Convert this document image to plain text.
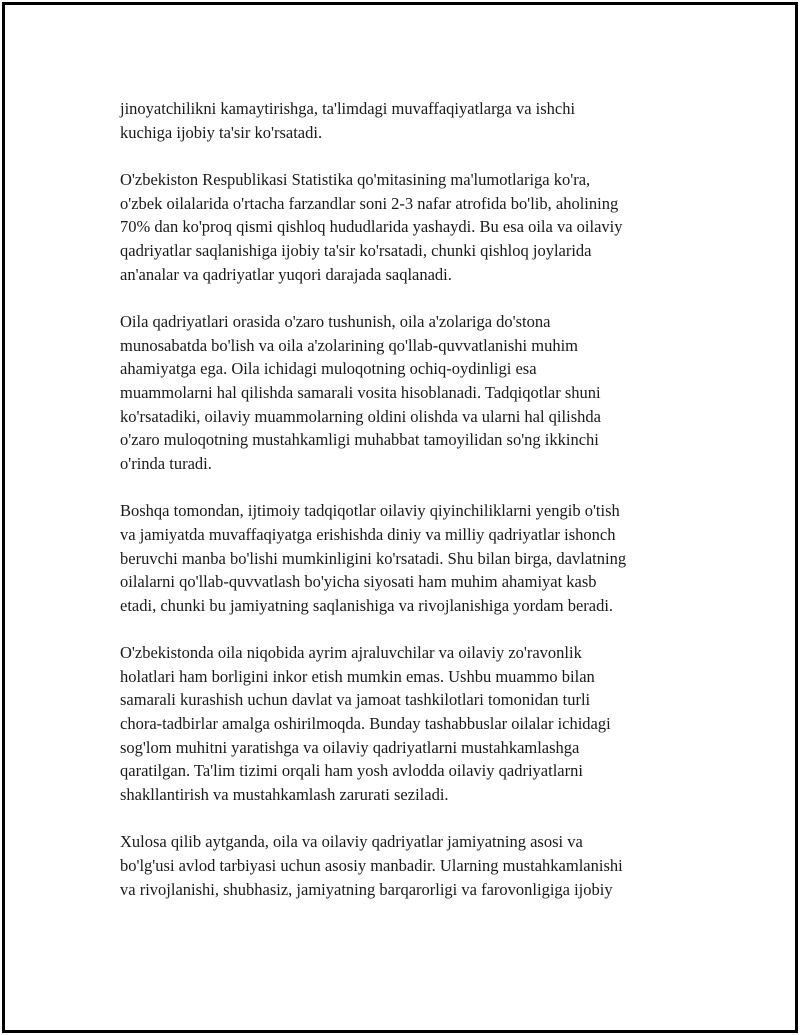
jinoyatchilikni kamaytirishga, ta'limdagi muvaffaqiyatlarga va ishchi
kuchiga ijobiy ta'sir ko'rsatadi.

O'zbekiston Respublikasi Statistika qo'mitasining ma'lumotlariga ko'ra,
o'zbek oilalarida o'rtacha farzandlar soni 2-3 nafar atrofida bo'lib, aholining
70% dan ko'proq qismi qishloq hududlarida yashaydi. Bu esa oila va oilaviy
qadriyatlar saqlanishiga ijobiy ta'sir ko'rsatadi, chunki qishloq joylarida
an'analar va qadriyatlar yuqori darajada saqlanadi.

Oila qadriyatlari orasida o'zaro tushunish, oila a'zolariga do'stona
munosabatda bo'lish va oila a'zolarining qo'llab-quvvatlanishi muhim
ahamiyatga ega. Oila ichidagi muloqotning ochiq-oydinligi esa
muammolarni hal qilishda samarali vosita hisoblanadi. Tadqiqotlar shuni
ko'rsatadiki, oilaviy muammolarning oldini olishda va ularni hal qilishda
o'zaro muloqotning mustahkamligi muhabbat tamoyilidan so'ng ikkinchi
o'rinda turadi.

Boshqa tomondan, ijtimoiy tadqiqotlar oilaviy qiyinchiliklarni yengib o'tish
va jamiyatda muvaffaqiyatga erishishda diniy va milliy qadriyatlar ishonch
beruvchi manba bo'lishi mumkinligini ko'rsatadi. Shu bilan birga, davlatning
oilalarni qo'llab-quvvatlash bo'yicha siyosati ham muhim ahamiyat kasb
etadi, chunki bu jamiyatning saqlanishiga va rivojlanishiga yordam beradi.

O'zbekistonda oila niqobida ayrim ajraluvchilar va oilaviy zo'ravonlik
holatlari ham borligini inkor etish mumkin emas. Ushbu muammo bilan
samarali kurashish uchun davlat va jamoat tashkilotlari tomonidan turli
chora-tadbirlar amalga oshirilmoqda. Bunday tashabbuslar oilalar ichidagi
sog'lom muhitni yaratishga va oilaviy qadriyatlarni mustahkamlashga
qaratilgan. Ta'lim tizimi orqali ham yosh avlodda oilaviy qadriyatlarni
shakllantirish va mustahkamlash zarurati seziladi.

Xulosa qilib aytganda, oila va oilaviy qadriyatlar jamiyatning asosi va
bo'lg'usi avlod tarbiyasi uchun asosiy manbadir. Ularning mustahkamlanishi
va rivojlanishi, shubhasiz, jamiyatning barqarorligi va farovonligiga ijobiy
